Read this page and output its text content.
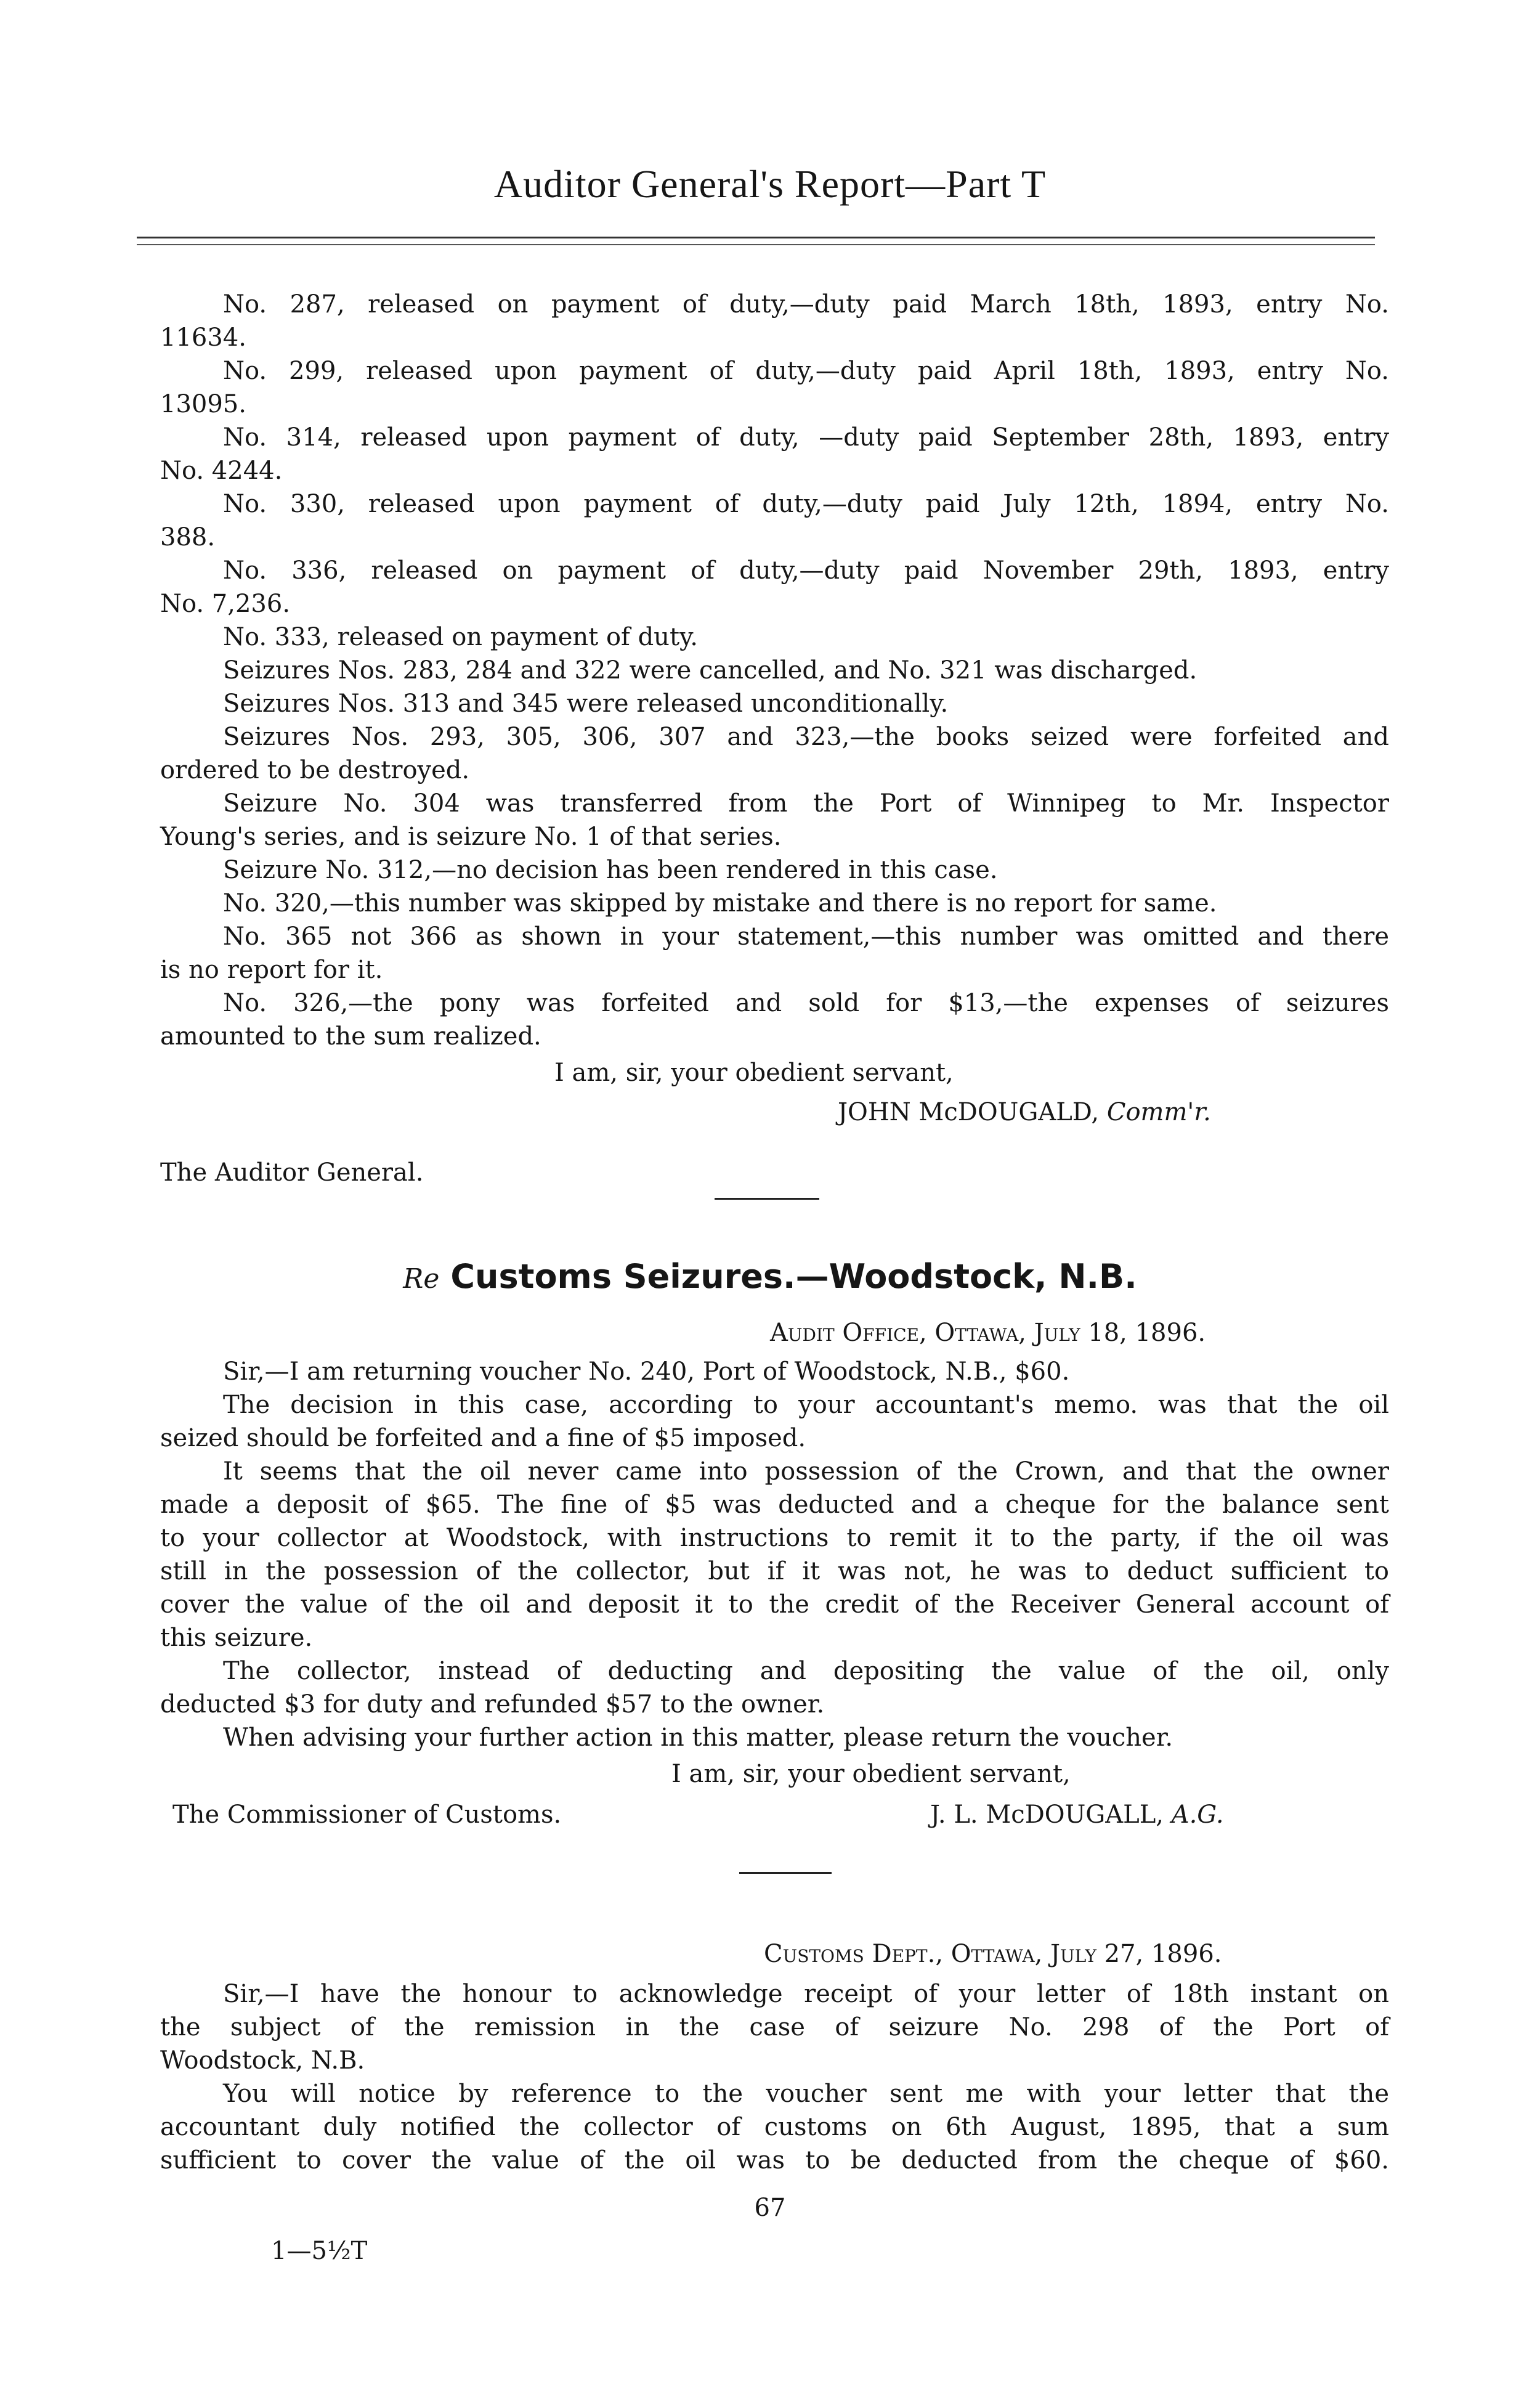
Auditor General's Report—Part T
No. 287, released on payment of duty,—duty paid March 18th, 1893, entry No.
11634.
No. 299, released upon payment of duty,—duty paid April 18th, 1893, entry No.
13095.
No. 314, released upon payment of duty, —duty paid September 28th, 1893, entry
No. 4244.
No. 330, released upon payment of duty,—duty paid July 12th, 1894, entry No.
388.
No. 336, released on payment of duty,—duty paid November 29th, 1893, entry
No. 7,236.
No. 333, released on payment of duty.
Seizures Nos. 283, 284 and 322 were cancelled, and No. 321 was discharged.
Seizures Nos. 313 and 345 were released unconditionally.
Seizures Nos. 293, 305, 306, 307 and 323,—the books seized were forfeited and
ordered to be destroyed.
Seizure No. 304 was transferred from the Port of Winnipeg to Mr. Inspector
Young's series, and is seizure No. 1 of that series.
Seizure No. 312,—no decision has been rendered in this case.
No. 320,—this number was skipped by mistake and there is no report for same.
No. 365 not 366 as shown in your statement,—this number was omitted and there
is no report for it.
No. 326,—the pony was forfeited and sold for $13,—the expenses of seizures
amounted to the sum realized.
I am, sir, your obedient servant,
JOHN McDOUGALD, Comm'r.
The Auditor General.
Re Customs Seizures.—Woodstock, N.B.
Audit Office, Ottawa, July 18, 1896.
Sir,—I am returning voucher No. 240, Port of Woodstock, N.B., $60.
The decision in this case, according to your accountant's memo. was that the oil
seized should be forfeited and a fine of $5 imposed.
It seems that the oil never came into possession of the Crown, and that the owner
made a deposit of $65. The fine of $5 was deducted and a cheque for the balance sent
to your collector at Woodstock, with instructions to remit it to the party, if the oil was
still in the possession of the collector, but if it was not, he was to deduct sufficient to
cover the value of the oil and deposit it to the credit of the Receiver General account of
this seizure.
The collector, instead of deducting and depositing the value of the oil, only
deducted $3 for duty and refunded $57 to the owner.
When advising your further action in this matter, please return the voucher.
I am, sir, your obedient servant,
The Commissioner of Customs.	J. L. McDOUGALL, A.G.
Customs Dept., Ottawa, July 27, 1896.
Sir,—I have the honour to acknowledge receipt of your letter of 18th instant on
the subject of the remission in the case of seizure No. 298 of the Port of
Woodstock, N.B.
You will notice by reference to the voucher sent me with your letter that the
accountant duly notified the collector of customs on 6th August, 1895, that a sum
sufficient to cover the value of the oil was to be deducted from the cheque of $60.
67
1—5½T
